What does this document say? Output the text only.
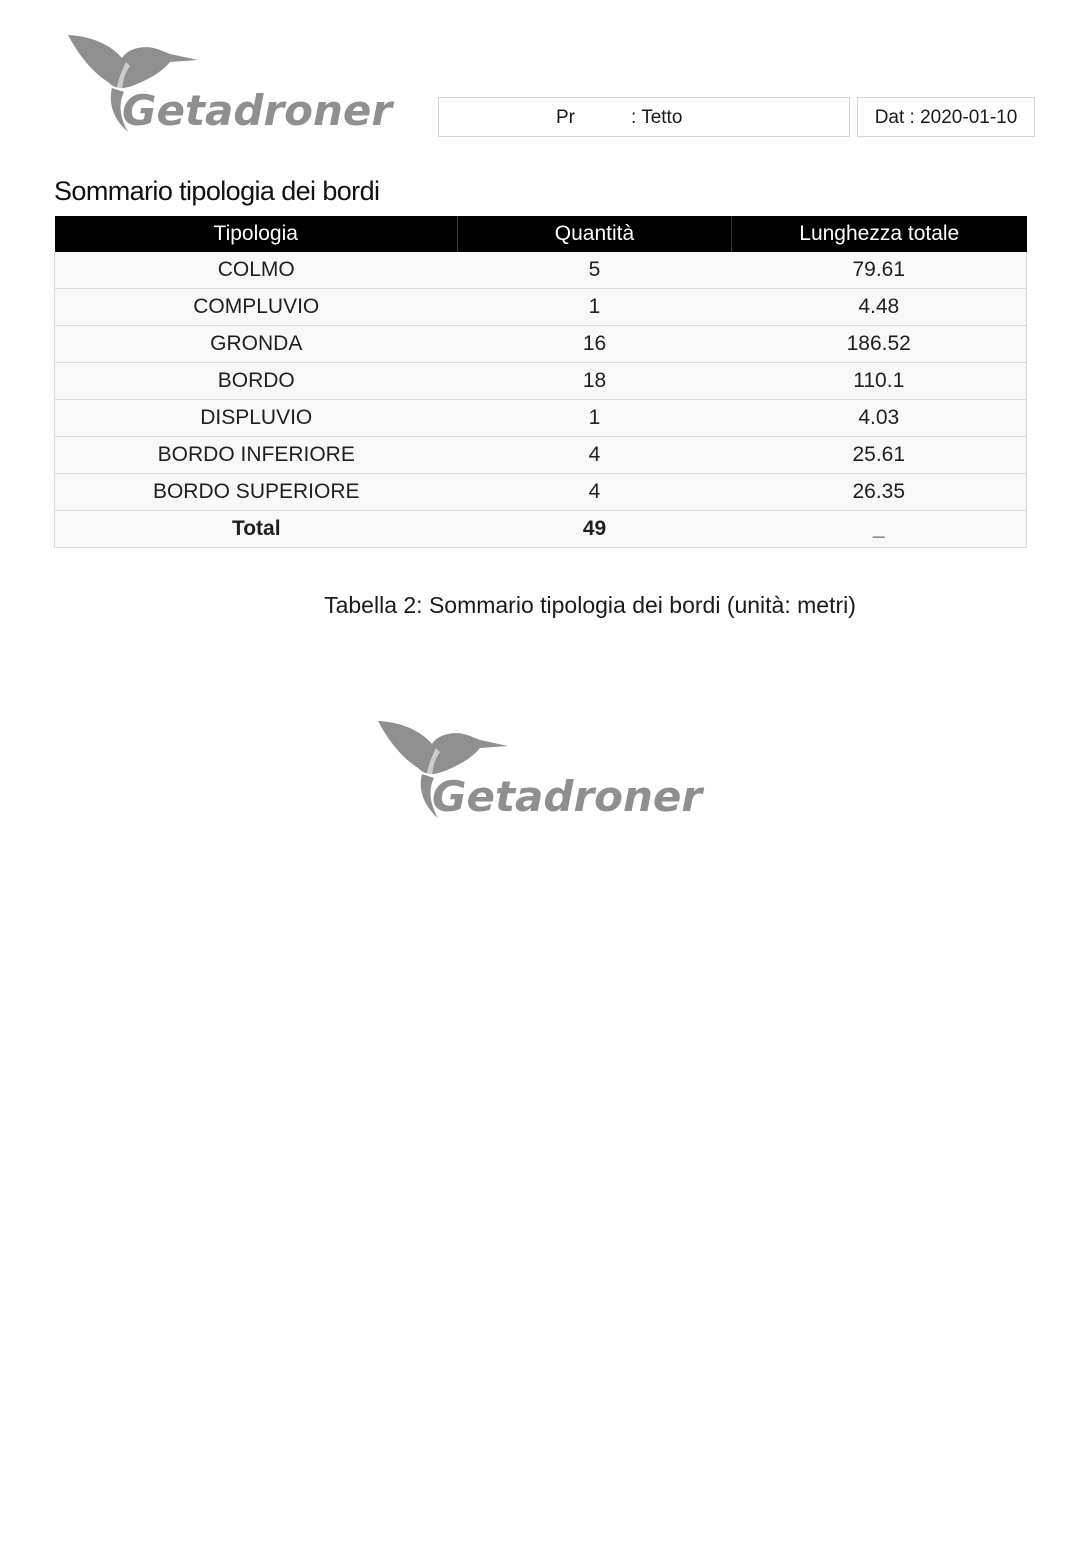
Getadroner	Pr	: Tetto	Dat : 2020-01-10
Sommario tipologia dei bordi
Tipologia	Quantità	Lunghezza totale
COLMO	5	79.61
COMPLUVIO	1	4.48
GRONDA	16	186.52
BORDO	18	110.1
DISPLUVIO	1	4.03
BORDO INFERIORE	4	25.61
BORDO SUPERIORE	4	26.35
Total	49	_
Tabella 2: Sommario tipologia dei bordi (unità: metri)
Getadroner
